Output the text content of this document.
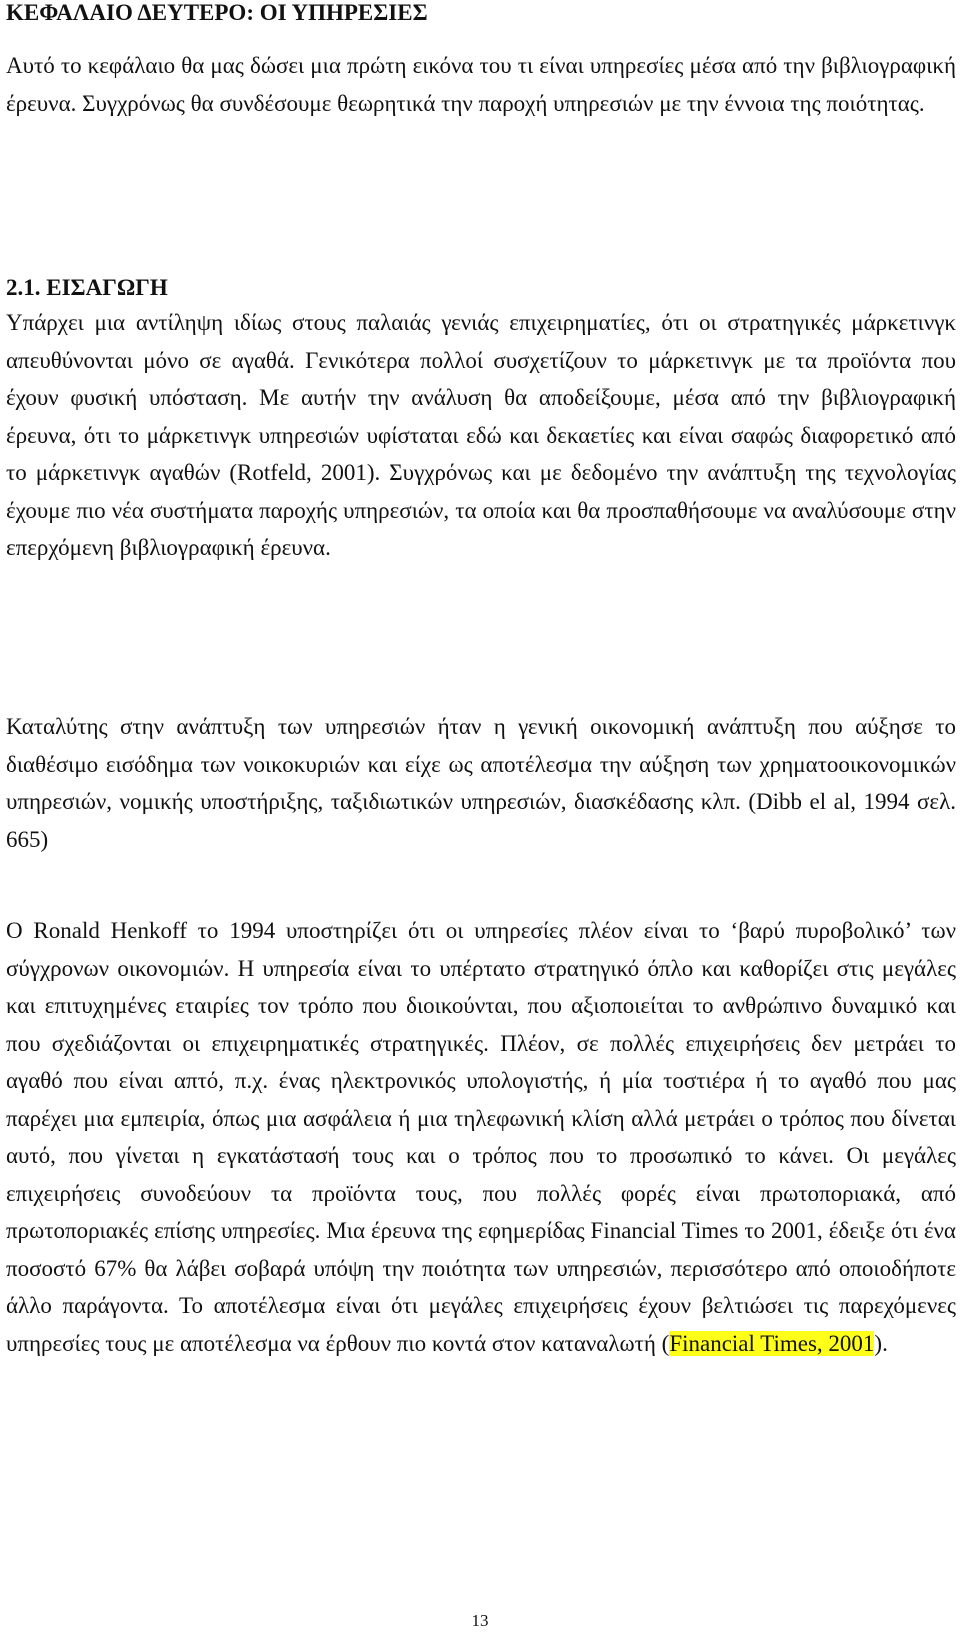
ΚΕΦΑΛΑΙΟ ΔΕΥΤΕΡΟ: ΟΙ ΥΠΗΡΕΣΙΕΣ

Αυτό το κεφάλαιο θα μας δώσει μια πρώτη εικόνα του τι είναι υπηρεσίες μέσα από την βιβλιογραφική έρευνα. Συγχρόνως θα συνδέσουμε θεωρητικά την παροχή υπηρεσιών με την έννοια της ποιότητας.

2.1. ΕΙΣΑΓΩΓΗ

Υπάρχει μια αντίληψη ιδίως στους παλαιάς γενιάς επιχειρηματίες, ότι οι στρατηγικές μάρκετινγκ απευθύνονται μόνο σε αγαθά. Γενικότερα πολλοί συσχετίζουν το μάρκετινγκ με τα προϊόντα που έχουν φυσική υπόσταση. Με αυτήν την ανάλυση θα αποδείξουμε, μέσα από την βιβλιογραφική έρευνα, ότι το μάρκετινγκ υπηρεσιών υφίσταται εδώ και δεκαετίες και είναι σαφώς διαφορετικό από το μάρκετινγκ αγαθών (Rotfeld, 2001). Συγχρόνως και με δεδομένο την ανάπτυξη της τεχνολογίας έχουμε πιο νέα συστήματα παροχής υπηρεσιών, τα οποία και θα προσπαθήσουμε να αναλύσουμε στην επερχόμενη βιβλιογραφική έρευνα.

Καταλύτης στην ανάπτυξη των υπηρεσιών ήταν η γενική οικονομική ανάπτυξη που αύξησε το διαθέσιμο εισόδημα των νοικοκυριών και είχε ως αποτέλεσμα την αύξηση των χρηματοοικονομικών υπηρεσιών, νομικής υποστήριξης, ταξιδιωτικών υπηρεσιών, διασκέδασης κλπ. (Dibb el al, 1994 σελ. 665)

Ο Ronald Henkoff το 1994 υποστηρίζει ότι οι υπηρεσίες πλέον είναι το ‘βαρύ πυροβολικό’ των σύγχρονων οικονομιών. Η υπηρεσία είναι το υπέρτατο στρατηγικό όπλο και καθορίζει στις μεγάλες και επιτυχημένες εταιρίες τον τρόπο που διοικούνται, που αξιοποιείται το ανθρώπινο δυναμικό και που σχεδιάζονται οι επιχειρηματικές στρατηγικές. Πλέον, σε πολλές επιχειρήσεις δεν μετράει το αγαθό που είναι απτό, π.χ. ένας ηλεκτρονικός υπολογιστής, ή μία τοστιέρα ή το αγαθό που μας παρέχει μια εμπειρία, όπως μια ασφάλεια ή μια τηλεφωνική κλίση αλλά μετράει ο τρόπος που δίνεται αυτό, που γίνεται η εγκατάστασή τους και ο τρόπος που το προσωπικό το κάνει. Οι μεγάλες επιχειρήσεις συνοδεύουν τα προϊόντα τους, που πολλές φορές είναι πρωτοποριακά, από πρωτοποριακές επίσης υπηρεσίες. Μια έρευνα της εφημερίδας Financial Times το 2001, έδειξε ότι ένα ποσοστό 67% θα λάβει σοβαρά υπόψη την ποιότητα των υπηρεσιών, περισσότερο από οποιοδήποτε άλλο παράγοντα. Το αποτέλεσμα είναι ότι μεγάλες επιχειρήσεις έχουν βελτιώσει τις παρεχόμενες υπηρεσίες τους με αποτέλεσμα να έρθουν πιο κοντά στον καταναλωτή (Financial Times, 2001).

13
